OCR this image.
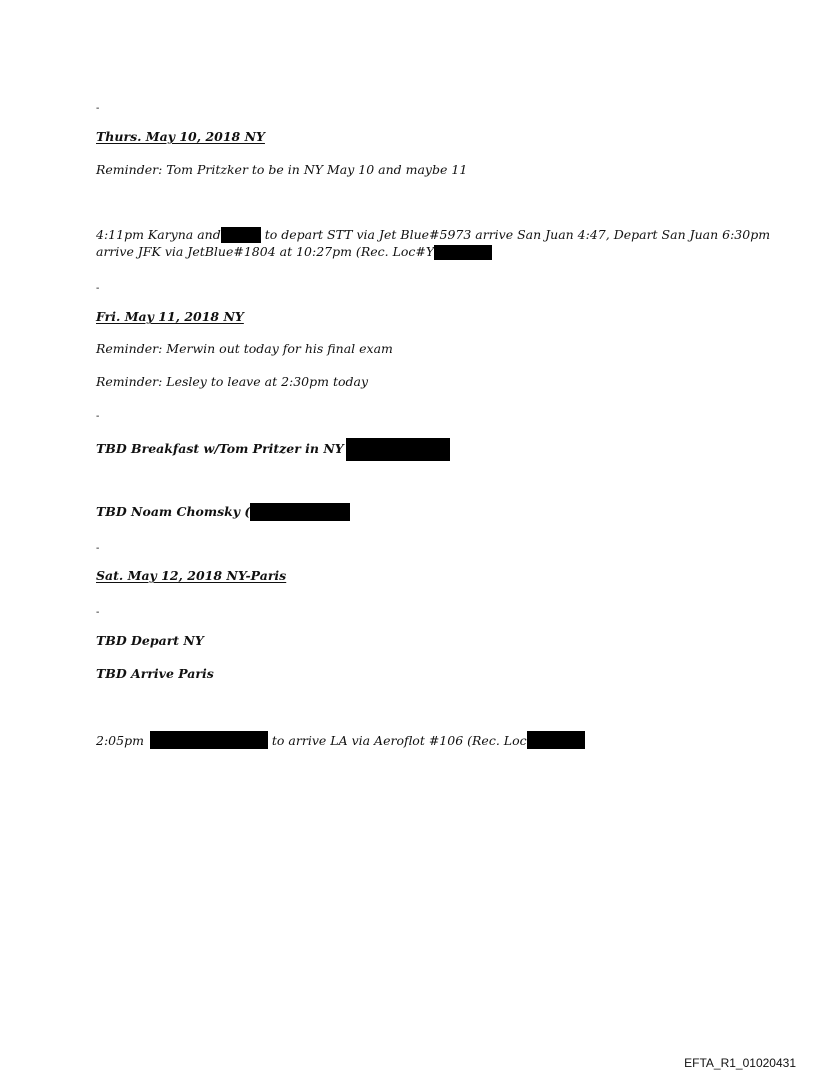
-
Thurs. May 10, 2018 NY
Reminder: Tom Pritzker to be in NY May 10 and maybe 11
4:11pm Karyna and	to depart STT via Jet Blue#5973 arrive San Juan 4:47, Depart San Juan 6:30pm
arrive JFK via JetBlue#1804 at 10:27pm (Rec. Loc#Y
-
Fri. May 11, 2018 NY
Reminder: Merwin out today for his final exam
Reminder: Lesley to leave at 2:30pm today
-
TBD Breakfast w/Tom Pritzer in NY
TBD Noam Chomsky (
-
Sat. May 12, 2018 NY-Paris
-
TBD Depart NY
TBD Arrive Paris
2:05pm	to arrive LA via Aeroflot #106 (Rec. Loc
EFTA_R1_01020431
